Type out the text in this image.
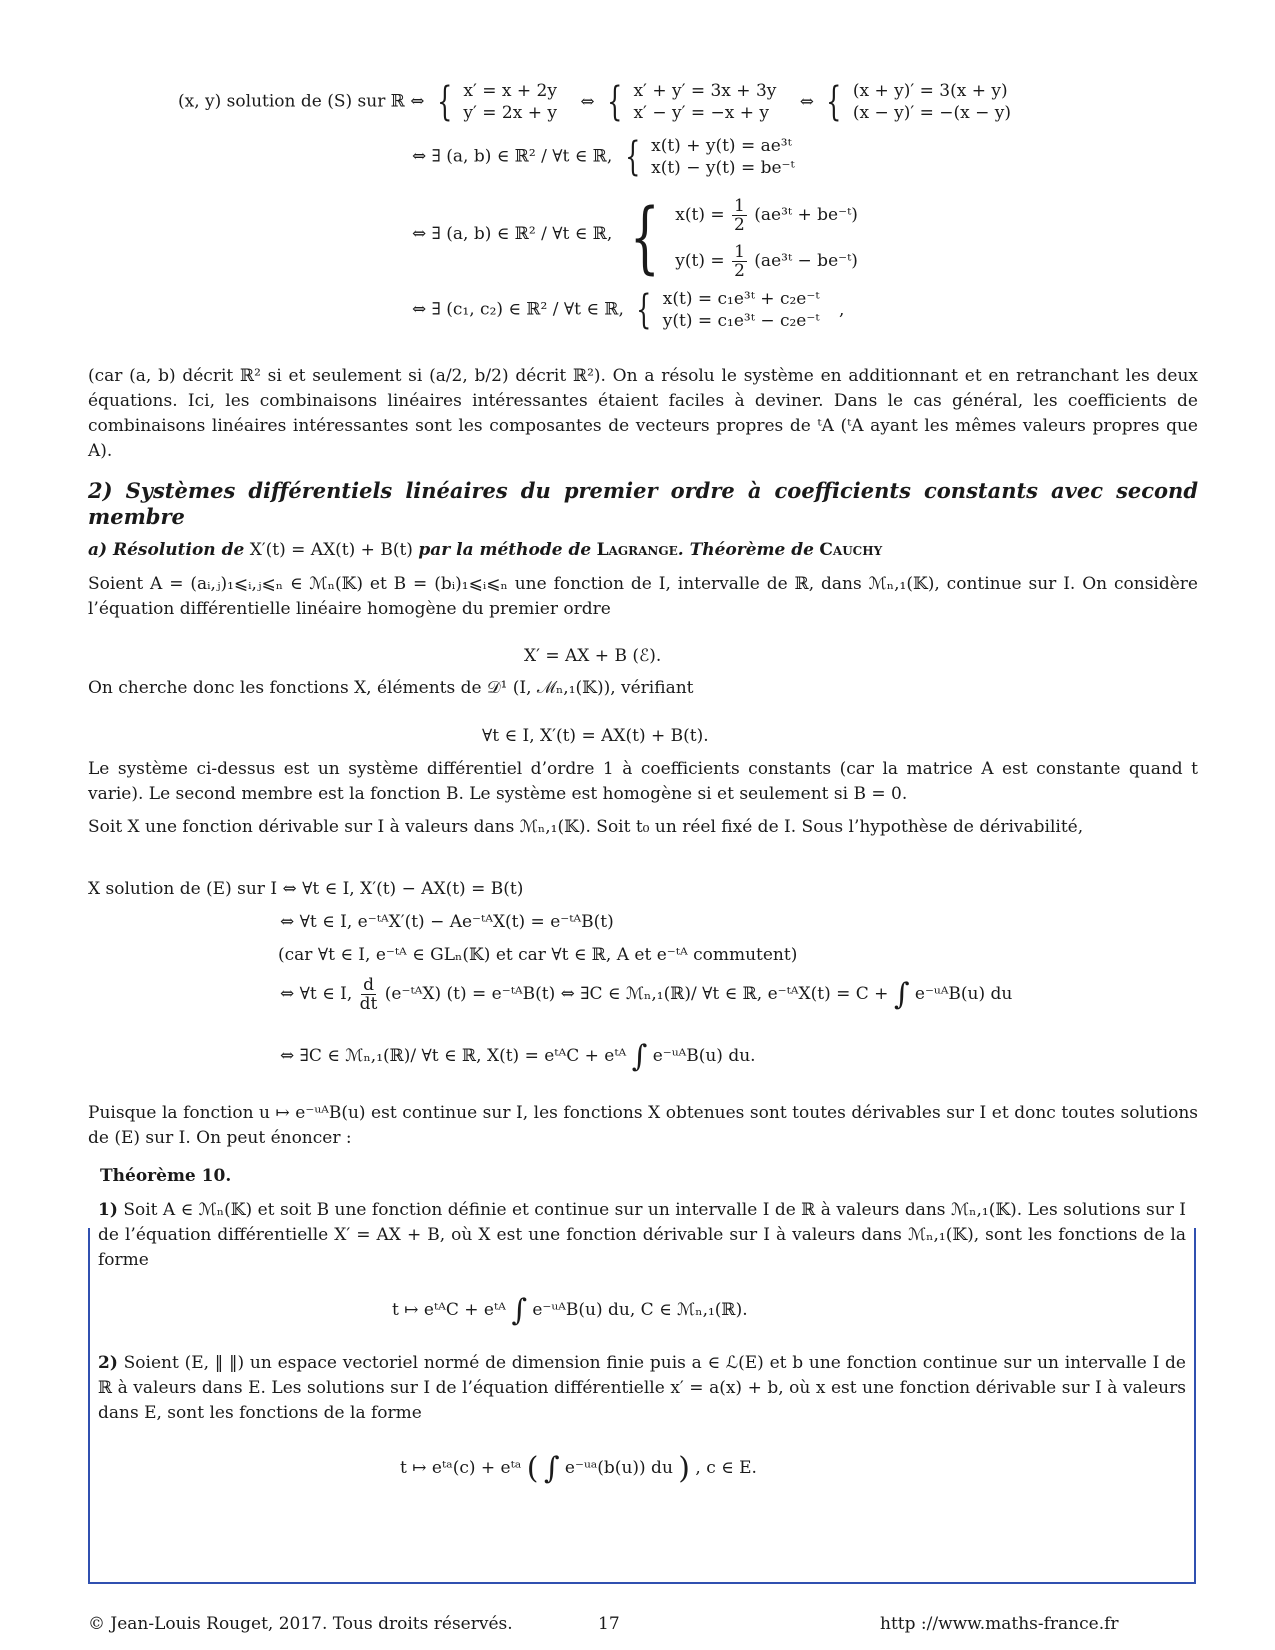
(x, y) solution de (S) sur ℝ ⇔ { x′ = x + 2y
y′ = 2x + y
⇔ { x′ + y′ = 3x + 3y
x′ − y′ = −x + y
⇔ { (x + y)′ = 3(x + y)
(x − y)′ = −(x − y)
⇔ ∃ (a, b) ∈ ℝ² / ∀t ∈ ℝ, { x(t) + y(t) = ae³ᵗ
x(t) − y(t) = be⁻ᵗ
⇔ ∃ (a, b) ∈ ℝ² / ∀t ∈ ℝ, { $x(t) = \frac{1}{2}$ (ae³ᵗ + be⁻ᵗ)
$y(t) = \frac{1}{2}$ (ae³ᵗ − be⁻ᵗ)
⇔ ∃ (c₁, c₂) ∈ ℝ² / ∀t ∈ ℝ, { x(t) = c₁e³ᵗ + c₂e⁻ᵗ
y(t) = c₁e³ᵗ − c₂e⁻ᵗ
,
(car (a, b) décrit ℝ² si et seulement si (a/2, b/2) décrit ℝ²). On a résolu le système en additionnant et en retranchant les deux équations. Ici, les combinaisons linéaires intéressantes étaient faciles à deviner. Dans le cas général, les coefficients de combinaisons linéaires intéressantes sont les composantes de vecteurs propres de ᵗA (ᵗA ayant les mêmes valeurs propres que A).
2) Systèmes différentiels linéaires du premier ordre à coefficients constants avec second membre
a) Résolution de X′(t) = AX(t) + B(t) par la méthode de Lagrange. Théorème de Cauchy
Soient A = (aᵢ,ⱼ)₁⩽ᵢ,ⱼ⩽ₙ ∈ ℳₙ(𝕂) et B = (bᵢ)₁⩽ᵢ⩽ₙ une fonction de I, intervalle de ℝ, dans ℳₙ,₁(𝕂), continue sur I. On considère l’équation différentielle linéaire homogène du premier ordre
X′ = AX + B (ℰ).
On cherche donc les fonctions X, éléments de 𝒟¹ (I, ℳₙ,₁(𝕂)), vérifiant
∀t ∈ I, X′(t) = AX(t) + B(t).
Le système ci-dessus est un système différentiel d’ordre 1 à coefficients constants (car la matrice A est constante quand t varie). Le second membre est la fonction B. Le système est homogène si et seulement si B = 0.
Soit X une fonction dérivable sur I à valeurs dans ℳₙ,₁(𝕂). Soit t₀ un réel fixé de I. Sous l’hypothèse de dérivabilité,
X solution de (E) sur I ⇔ ∀t ∈ I, X′(t) − AX(t) = B(t)
⇔ ∀t ∈ I, e⁻ᵗᴬX′(t) − Ae⁻ᵗᴬX(t) = e⁻ᵗᴬB(t)
(car ∀t ∈ I, e⁻ᵗᴬ ∈ GLₙ(𝕂) et car ∀t ∈ ℝ, A et e⁻ᵗᴬ commutent)
⇔ ∀t ∈ I, $\frac{d}{dt}$ (e⁻ᵗᴬX) (t) = e⁻ᵗᴬB(t) ⇔ ∃C ∈ ℳₙ,₁(ℝ)/ ∀t ∈ ℝ, e⁻ᵗᴬX(t) = C + ∫ e⁻ᵘᴬB(u) du
⇔ ∃C ∈ ℳₙ,₁(ℝ)/ ∀t ∈ ℝ, X(t) = eᵗᴬC + eᵗᴬ ∫ e⁻ᵘᴬB(u) du.
Puisque la fonction u ↦ e⁻ᵘᴬB(u) est continue sur I, les fonctions X obtenues sont toutes dérivables sur I et donc toutes solutions de (E) sur I. On peut énoncer :
Théorème 10.
1) Soit A ∈ ℳₙ(𝕂) et soit B une fonction définie et continue sur un intervalle I de ℝ à valeurs dans ℳₙ,₁(𝕂). Les solutions sur I de l’équation différentielle X′ = AX + B, où X est une fonction dérivable sur I à valeurs dans ℳₙ,₁(𝕂), sont les fonctions de la forme
t ↦ eᵗᴬC + eᵗᴬ ∫ e⁻ᵘᴬB(u) du, C ∈ ℳₙ,₁(ℝ).
2) Soient (E, ‖ ‖) un espace vectoriel normé de dimension finie puis a ∈ ℒ(E) et b une fonction continue sur un intervalle I de ℝ à valeurs dans E. Les solutions sur I de l’équation différentielle x′ = a(x) + b, où x est une fonction dérivable sur I à valeurs dans E, sont les fonctions de la forme
t ↦ eᵗᵃ(c) + eᵗᵃ ( ∫ e⁻ᵘᵃ(b(u)) du ) , c ∈ E.
© Jean-Louis Rouget, 2017. Tous droits réservés.	17	http ://www.maths-france.fr
